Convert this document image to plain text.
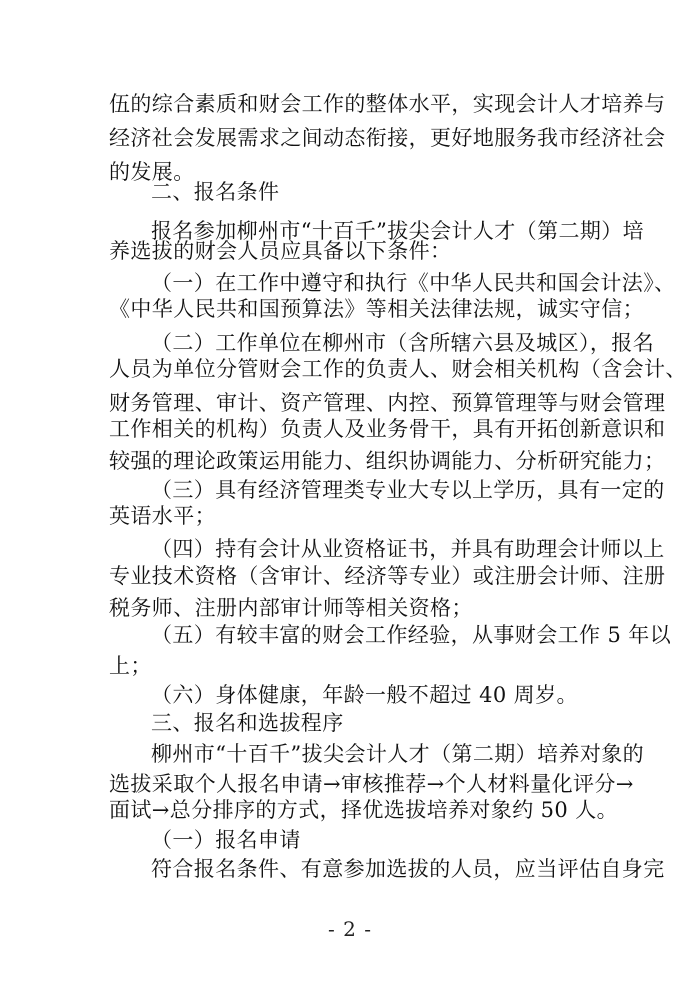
伍的综合素质和财会工作的整体水平，实现会计人才培养与
经济社会发展需求之间动态衔接，更好地服务我市经济社会
的发展。
二、报名条件
报名参加柳州市“十百千”拔尖会计人才（第二期）培
养选拔的财会人员应具备以下条件：
（一）在工作中遵守和执行《中华人民共和国会计法》、
《中华人民共和国预算法》等相关法律法规，诚实守信；
（二）工作单位在柳州市（含所辖六县及城区），报名
人员为单位分管财会工作的负责人、财会相关机构（含会计、
财务管理、审计、资产管理、内控、预算管理等与财会管理
工作相关的机构）负责人及业务骨干，具有开拓创新意识和
较强的理论政策运用能力、组织协调能力、分析研究能力；
（三）具有经济管理类专业大专以上学历，具有一定的
英语水平；
（四）持有会计从业资格证书，并具有助理会计师以上
专业技术资格（含审计、经济等专业）或注册会计师、注册
税务师、注册内部审计师等相关资格；
（五）有较丰富的财会工作经验，从事财会工作 5 年以
上；
（六）身体健康，年龄一般不超过 40 周岁。
三、报名和选拔程序
柳州市“十百千”拔尖会计人才（第二期）培养对象的
选拔采取个人报名申请→审核推荐→个人材料量化评分→
面试→总分排序的方式，择优选拔培养对象约 50 人。
（一）报名申请
符合报名条件、有意参加选拔的人员，应当评估自身完
- 2 -
